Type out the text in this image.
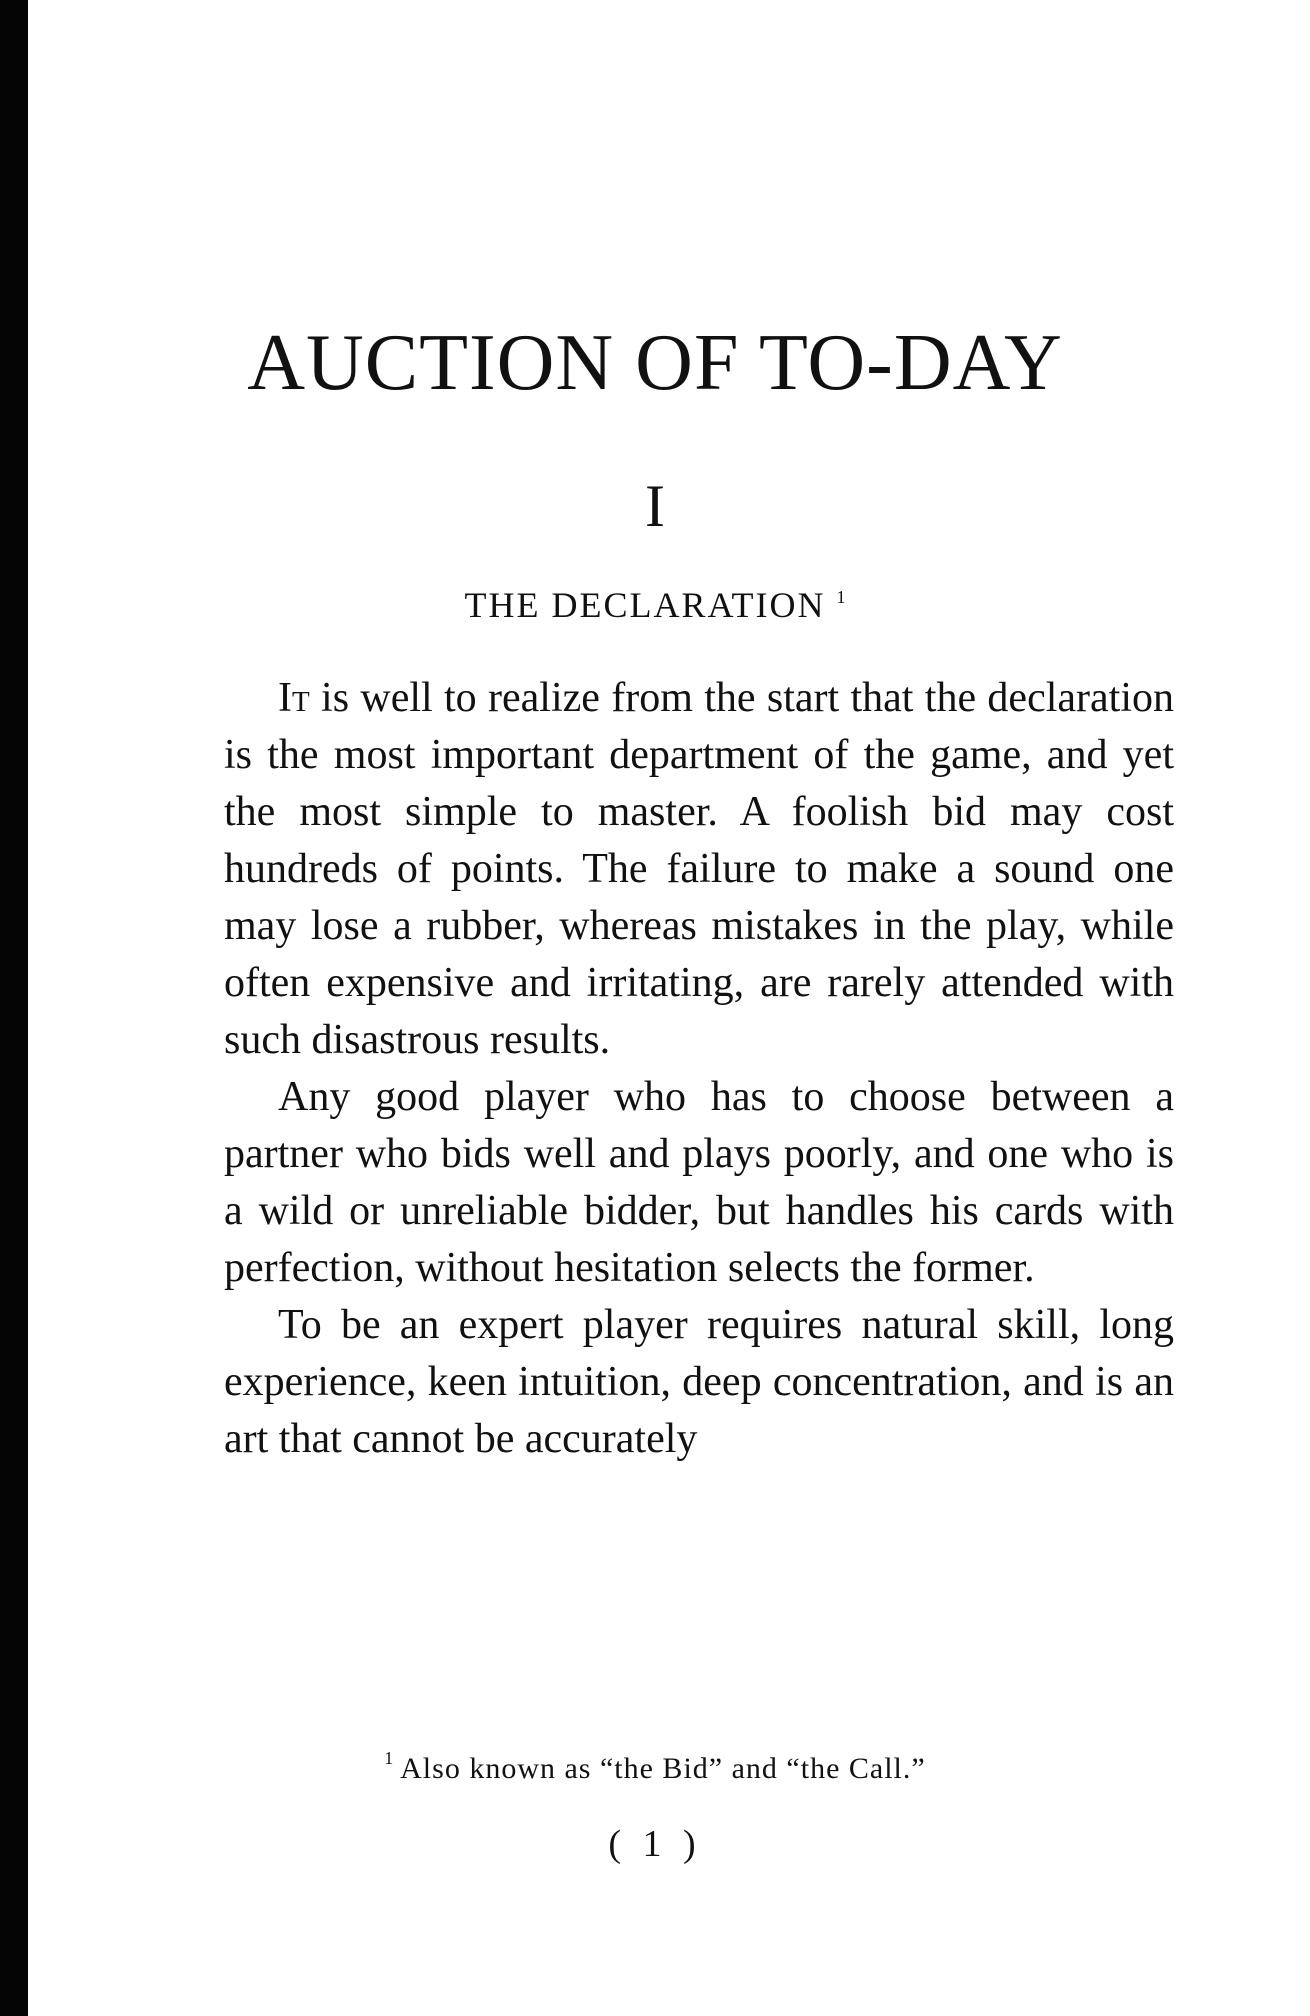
AUCTION OF TO-DAY
I
THE DECLARATION $^1$

It is well to realize from the start that the declaration is the most important department of the game, and yet the most simple to master. A foolish bid may cost hundreds of points. The failure to make a sound one may lose a rubber, whereas mistakes in the play, while often expensive and irritating, are rarely attended with such disastrous results.

Any good player who has to choose between a partner who bids well and plays poorly, and one who is a wild or unreliable bidder, but handles his cards with perfection, without hesitation selects the former.

To be an expert player requires natural skill, long experience, keen intuition, deep concentration, and is an art that cannot be accurately

$^1$ Also known as “the Bid” and “the Call.”
( 1 )
